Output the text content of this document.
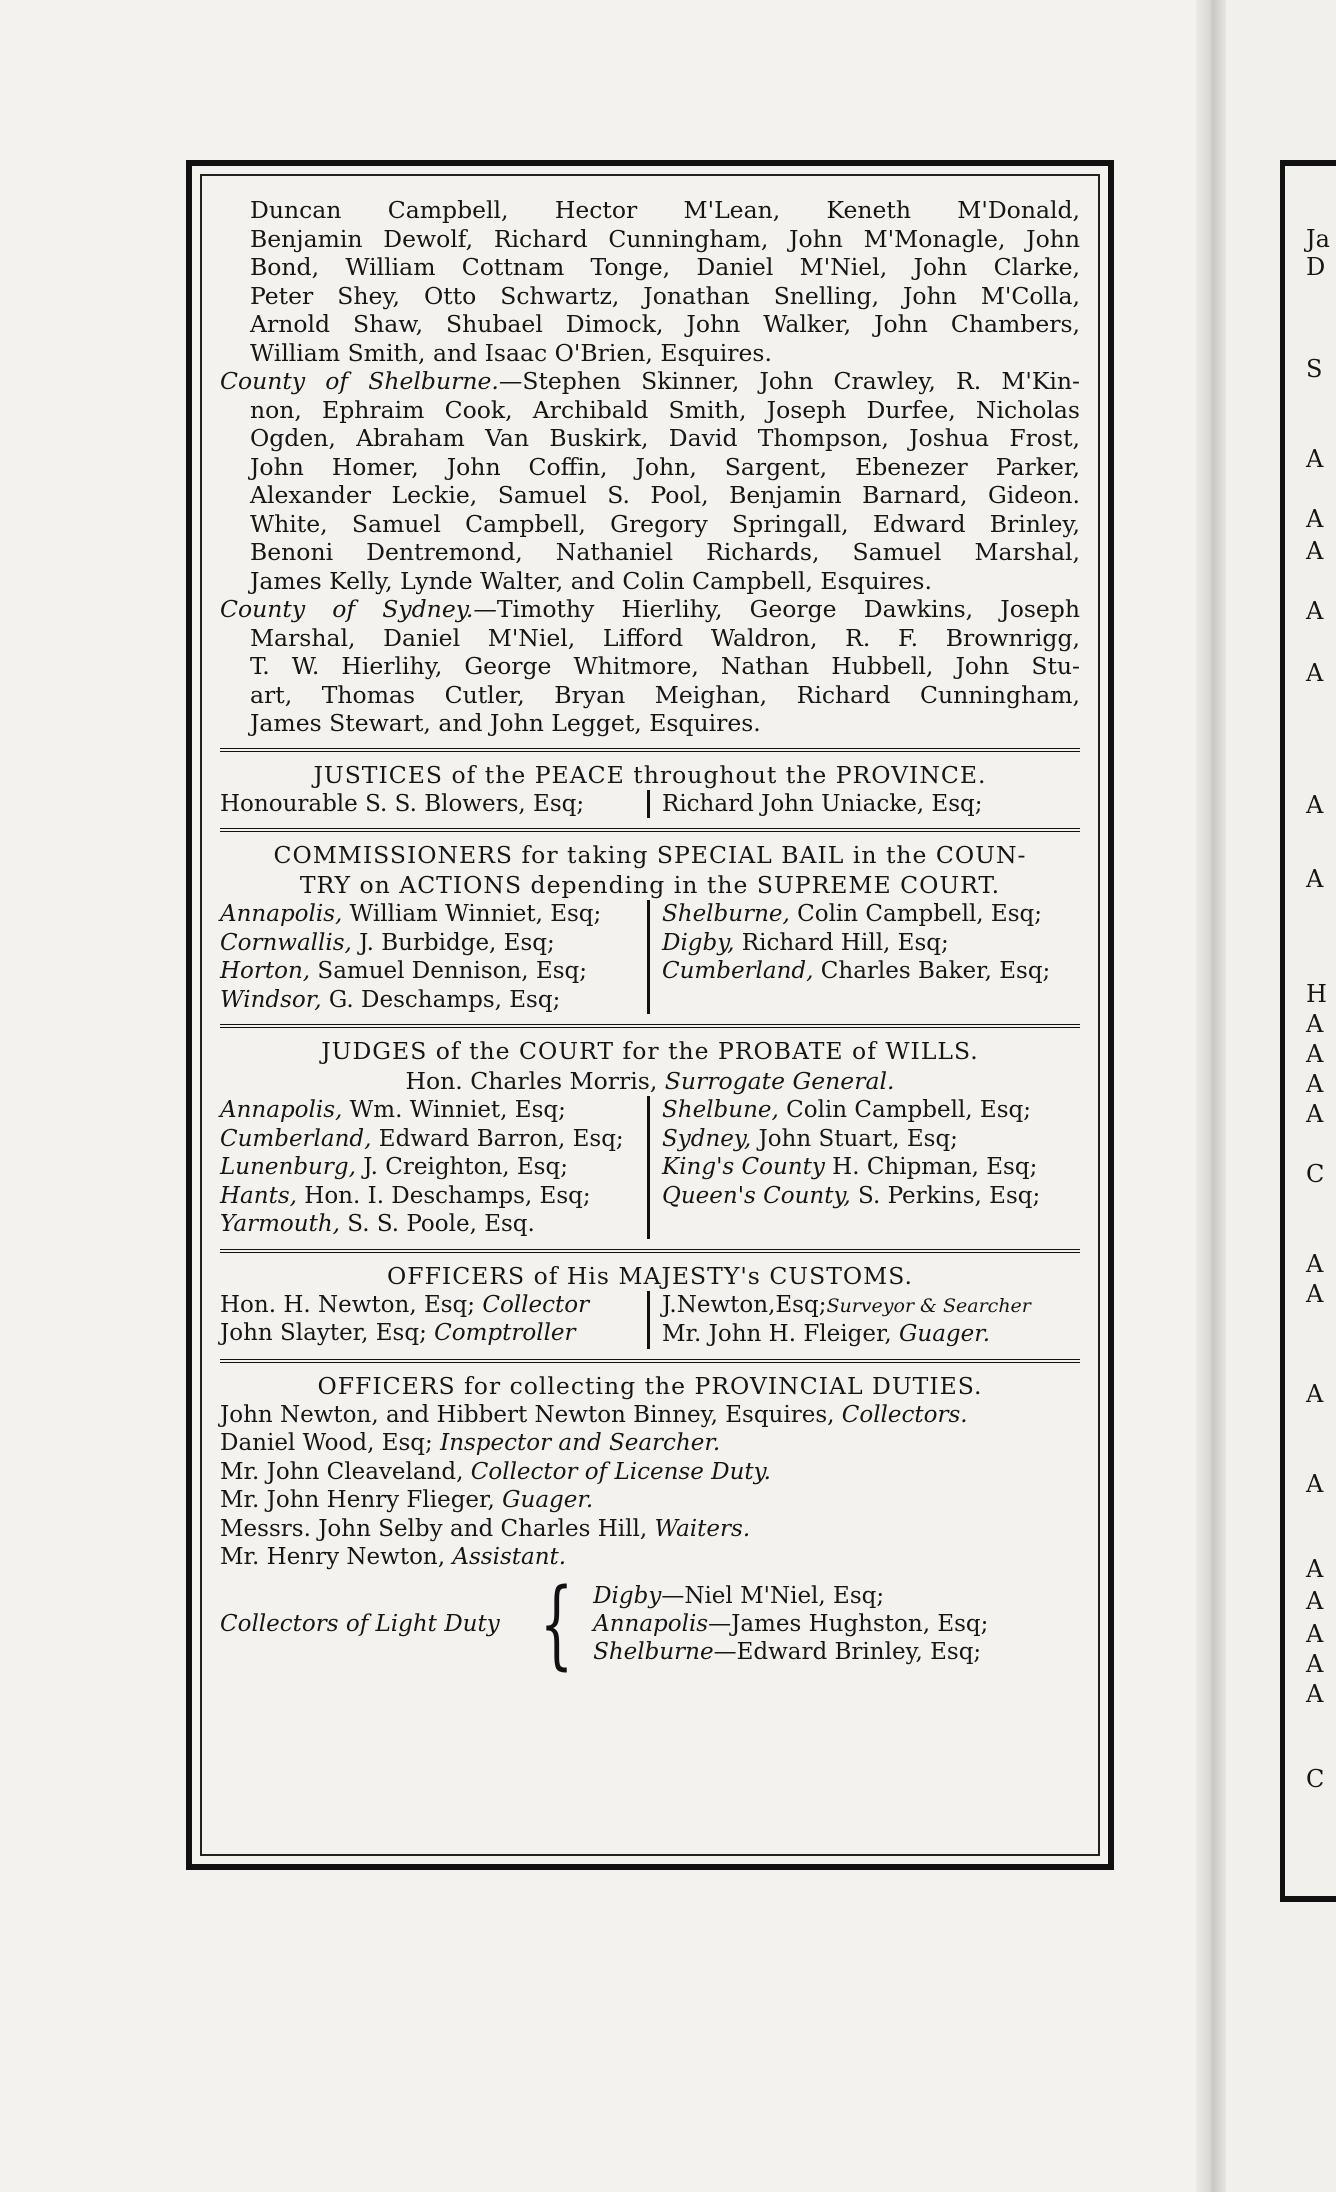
Ja
D
S
A
A
A
A
A
A
A
H
A
A
A
A
C
A
A
A
A
A
A
A
A
A
C
Duncan Campbell, Hector M'Lean, Keneth M'Donald,
Benjamin Dewolf, Richard Cunningham, John M'Monagle, John
Bond, William Cottnam Tonge, Daniel M'Niel, John Clarke,
Peter Shey, Otto Schwartz, Jonathan Snelling, John M'Colla,
Arnold Shaw, Shubael Dimock, John Walker, John Chambers,
William Smith, and Isaac O'Brien, Esquires.
County of Shelburne.—Stephen Skinner, John Crawley, R. M'Kin-
non, Ephraim Cook, Archibald Smith, Joseph Durfee, Nicholas
Ogden, Abraham Van Buskirk, David Thompson, Joshua Frost,
John Homer, John Coffin, John, Sargent, Ebenezer Parker,
Alexander Leckie, Samuel S. Pool, Benjamin Barnard, Gideon.
White, Samuel Campbell, Gregory Springall, Edward Brinley,
Benoni Dentremond, Nathaniel Richards, Samuel Marshal,
James Kelly, Lynde Walter, and Colin Campbell, Esquires.
County of Sydney.—Timothy Hierlihy, George Dawkins, Joseph
Marshal, Daniel M'Niel, Lifford Waldron, R. F. Brownrigg,
T. W. Hierlihy, George Whitmore, Nathan Hubbell, John Stu-
art, Thomas Cutler, Bryan Meighan, Richard Cunningham,
James Stewart, and John Legget, Esquires.
JUSTICES of the PEACE throughout the PROVINCE.
Honourable S. S. Blowers, Esq;	Richard John Uniacke, Esq;
COMMISSIONERS for taking SPECIAL BAIL in the COUN-
TRY on ACTIONS depending in the SUPREME COURT.
Annapolis, William Winniet, Esq;
Cornwallis, J. Burbidge, Esq;
Horton, Samuel Dennison, Esq;
Windsor, G. Deschamps, Esq;
Shelburne, Colin Campbell, Esq;
Digby, Richard Hill, Esq;
Cumberland, Charles Baker, Esq;
JUDGES of the COURT for the PROBATE of WILLS.
Hon. Charles Morris, Surrogate General.
Annapolis, Wm. Winniet, Esq;
Cumberland, Edward Barron, Esq;
Lunenburg, J. Creighton, Esq;
Hants, Hon. I. Deschamps, Esq;
Yarmouth, S. S. Poole, Esq.
Shelbune, Colin Campbell, Esq;
Sydney, John Stuart, Esq;
King's County H. Chipman, Esq;
Queen's County, S. Perkins, Esq;
OFFICERS of His MAJESTY's CUSTOMS.
Hon. H. Newton, Esq; Collector
John Slayter, Esq; Comptroller
J.Newton,Esq;Surveyor & Searcher
Mr. John H. Fleiger, Guager.
OFFICERS for collecting the PROVINCIAL DUTIES.
John Newton, and Hibbert Newton Binney, Esquires, Collectors.
Daniel Wood, Esq; Inspector and Searcher.
Mr. John Cleaveland, Collector of License Duty.
Mr. John Henry Flieger, Guager.
Messrs. John Selby and Charles Hill, Waiters.
Mr. Henry Newton, Assistant.
Collectors of Light Duty { Digby—Niel M'Niel, Esq;
Annapolis—James Hughston, Esq;
Shelburne—Edward Brinley, Esq;
